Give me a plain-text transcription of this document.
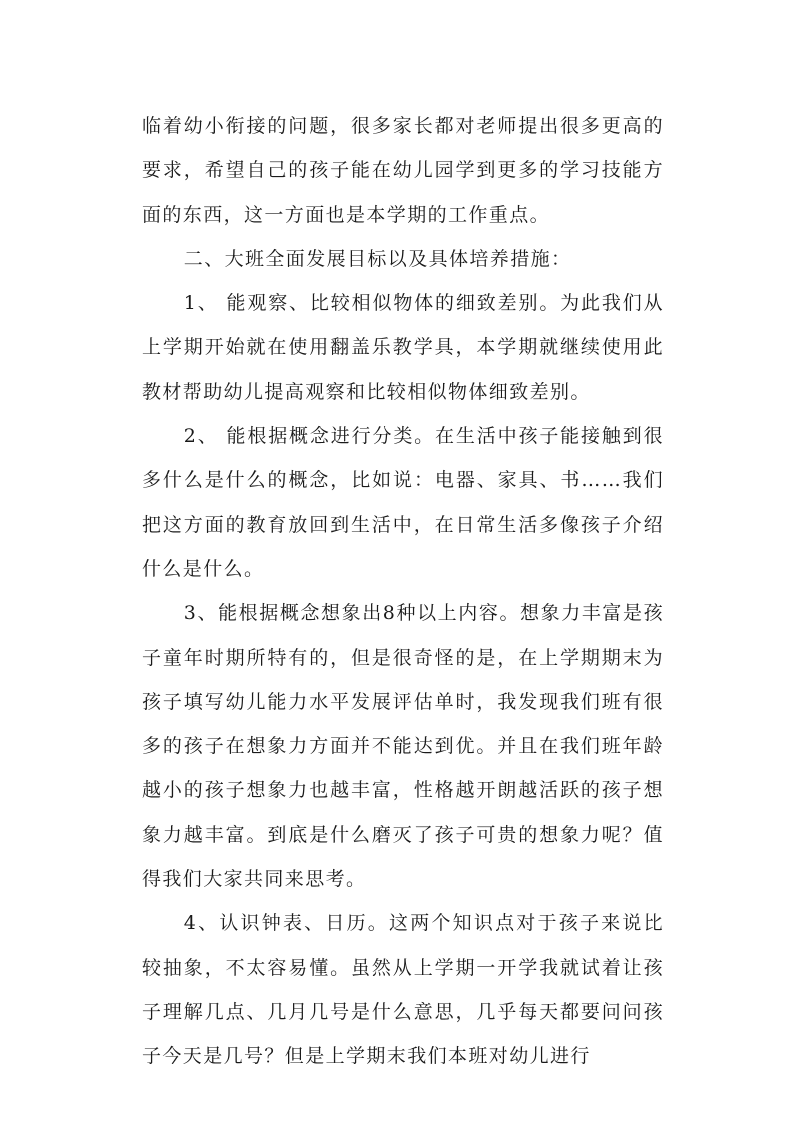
临着幼小衔接的问题，很多家长都对老师提出很多更高的要求，希望自己的孩子能在幼儿园学到更多的学习技能方面的东西，这一方面也是本学期的工作重点。

二、大班全面发展目标以及具体培养措施：

1、 能观察、比较相似物体的细致差别。为此我们从上学期开始就在使用翻盖乐教学具，本学期就继续使用此教材帮助幼儿提高观察和比较相似物体细致差别。

2、 能根据概念进行分类。在生活中孩子能接触到很多什么是什么的概念，比如说：电器、家具、书……我们把这方面的教育放回到生活中，在日常生活多像孩子介绍什么是什么。

3、能根据概念想象出8种以上内容。想象力丰富是孩子童年时期所特有的，但是很奇怪的是，在上学期期末为孩子填写幼儿能力水平发展评估单时，我发现我们班有很多的孩子在想象力方面并不能达到优。并且在我们班年龄越小的孩子想象力也越丰富，性格越开朗越活跃的孩子想象力越丰富。到底是什么磨灭了孩子可贵的想象力呢？值得我们大家共同来思考。

4、认识钟表、日历。这两个知识点对于孩子来说比较抽象，不太容易懂。虽然从上学期一开学我就试着让孩子理解几点、几月几号是什么意思，几乎每天都要问问孩子今天是几号？但是上学期末我们本班对幼儿进行
